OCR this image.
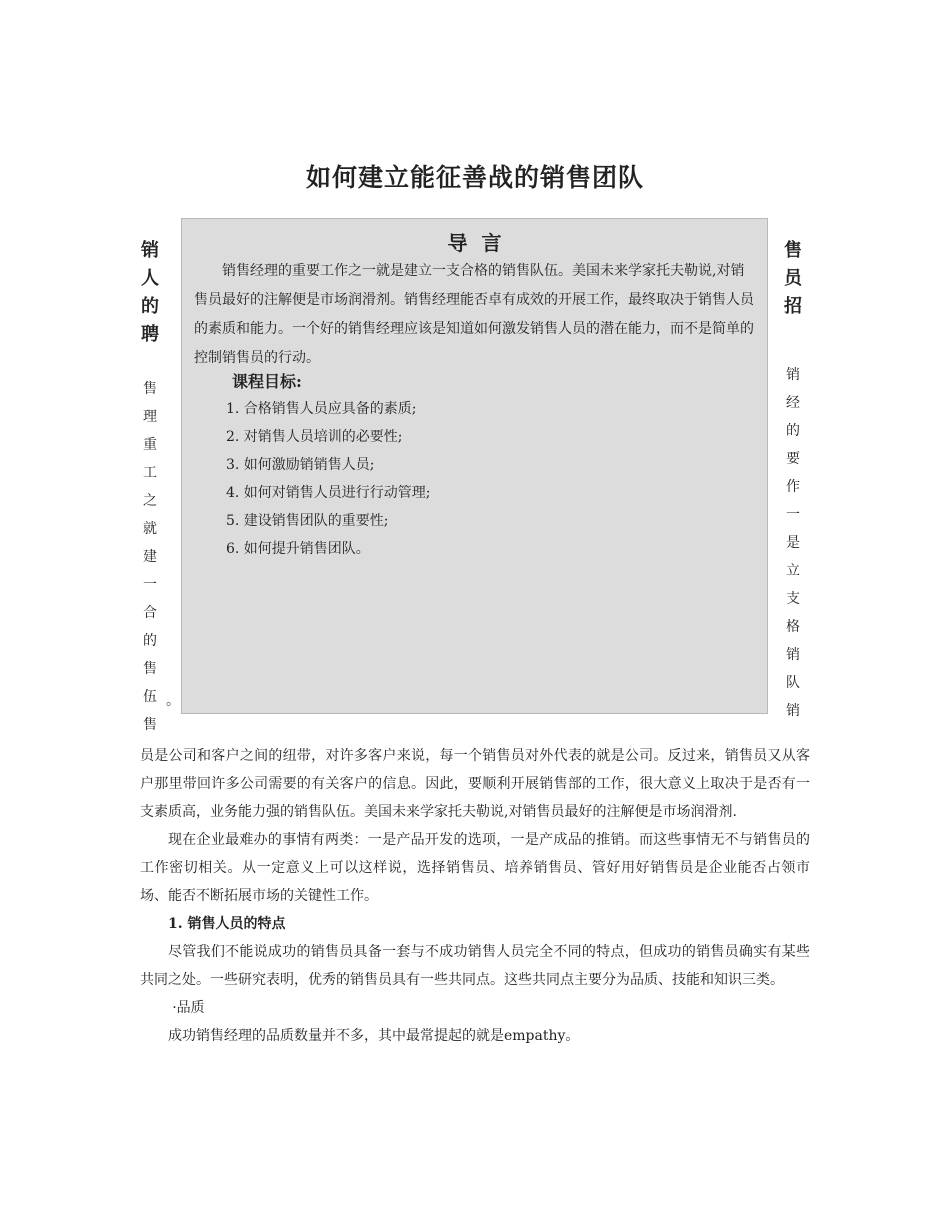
如何建立能征善战的销售团队
销
人
的
聘
售
理
重
工
之
就
建
一
合
的
售
伍
售
。
导言

销售经理的重要工作之一就是建立一支合格的销售队伍。美国未来学家托夫勒说,对销售员最好的注解便是市场润滑剂。销售经理能否卓有成效的开展工作，最终取决于销售人员的素质和能力。一个好的销售经理应该是知道如何激发销售人员的潜在能力，而不是简单的控制销售员的行动。

课程目标:
1. 合格销售人员应具备的素质;
2. 对销售人员培训的必要性;
3. 如何激励销销售人员;
4. 如何对销售人员进行行动管理;
5. 建设销售团队的重要性;
6. 如何提升销售团队。
售
员
招
销
经
的
要
作
一
是
立
支
格
销
队
销

员是公司和客户之间的纽带，对许多客户来说，每一个销售员对外代表的就是公司。反过来，销售员又从客户那里带回许多公司需要的有关客户的信息。因此，要顺利开展销售部的工作，很大意义上取决于是否有一支素质高，业务能力强的销售队伍。美国未来学家托夫勒说,对销售员最好的注解便是市场润滑剂.

现在企业最难办的事情有两类：一是产品开发的选项，一是产成品的推销。而这些事情无不与销售员的工作密切相关。从一定意义上可以这样说，选择销售员、培养销售员、管好用好销售员是企业能否占领市场、能否不断拓展市场的关键性工作。

1. 销售人员的特点

尽管我们不能说成功的销售员具备一套与不成功销售人员完全不同的特点，但成功的销售员确实有某些共同之处。一些研究表明，优秀的销售员具有一些共同点。这些共同点主要分为品质、技能和知识三类。

·品质

成功销售经理的品质数量并不多，其中最常提起的就是empathy。
